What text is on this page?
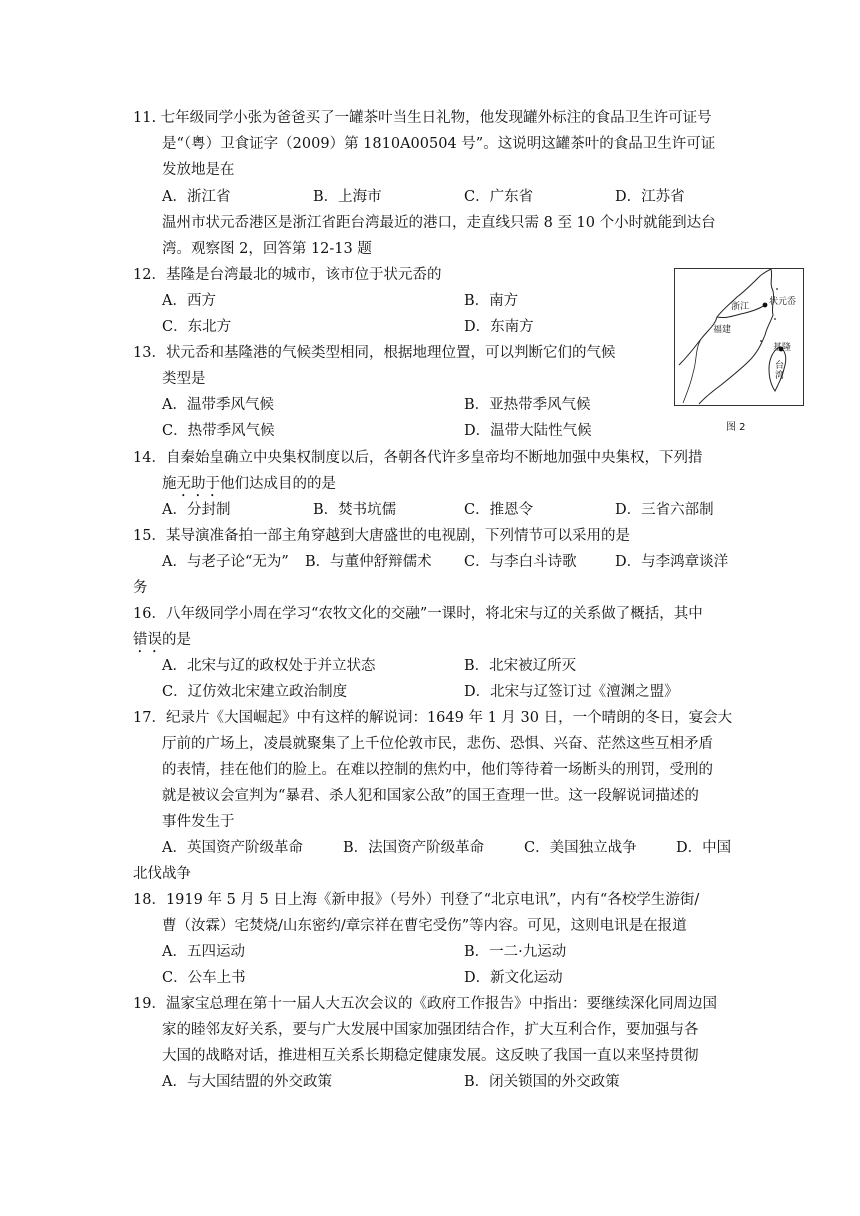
11. 七年级同学小张为爸爸买了一罐茶叶当生日礼物，他发现罐外标注的食品卫生许可证号
是“（粤）卫食证字（2009）第 1810A00504 号”。这说明这罐茶叶的食品卫生许可证
发放地是在
A．浙江省	B．上海市	C．广东省	D．江苏省
温州市状元岙港区是浙江省距台湾最近的港口，走直线只需 8 至 10 个小时就能到达台
湾。观察图 2，回答第 12-13 题
12．基隆是台湾最北的城市，该市位于状元岙的
A．西方	B．南方
C．东北方	D．东南方
13．状元岙和基隆港的气候类型相同，根据地理位置，可以判断它们的气候
类型是
A．温带季风气候	B．亚热带季风气候
C．热带季风气候	D．温带大陆性气候
浙江 状元岙
福建
基隆
台湾
图 2
14．自秦始皇确立中央集权制度以后，各朝各代许多皇帝均不断地加强中央集权，下列措
施无助于他们达成目的的是
A．分封制	B．焚书坑儒	C．推恩令	D．三省六部制
15．某导演准备拍一部主角穿越到大唐盛世的电视剧，下列情节可以采用的是
A．与老子论“无为” B．与董仲舒辩儒术 C．与李白斗诗歌	D．与李鸿章谈洋
务
16．八年级同学小周在学习“农牧文化的交融”一课时，将北宋与辽的关系做了概括，其中
错误的是
A．北宋与辽的政权处于并立状态	B．北宋被辽所灭
C．辽仿效北宋建立政治制度	D．北宋与辽签订过《澶渊之盟》
17．纪录片《大国崛起》中有这样的解说词：1649 年 1 月 30 日，一个晴朗的冬日，宴会大
厅前的广场上，凌晨就聚集了上千位伦敦市民，悲伤、恐惧、兴奋、茫然这些互相矛盾
的表情，挂在他们的脸上。在难以控制的焦灼中，他们等待着一场断头的刑罚，受刑的
就是被议会宣判为“暴君、杀人犯和国家公敌”的国王查理一世。这一段解说词描述的
事件发生于
A．英国资产阶级革命	B．法国资产阶级革命	C．美国独立战争	D．中国
北伐战争
18．1919 年 5 月 5 日上海《新申报》（号外）刊登了“北京电讯”，内有“各校学生游街/
曹（汝霖）宅焚烧/山东密约/章宗祥在曹宅受伤”等内容。可见，这则电讯是在报道
A．五四运动	B．一二·九运动
C．公车上书	D．新文化运动
19．温家宝总理在第十一届人大五次会议的《政府工作报告》中指出：要继续深化同周边国
家的睦邻友好关系，要与广大发展中国家加强团结合作，扩大互利合作，要加强与各
大国的战略对话，推进相互关系长期稳定健康发展。这反映了我国一直以来坚持贯彻
A．与大国结盟的外交政策	B．闭关锁国的外交政策
